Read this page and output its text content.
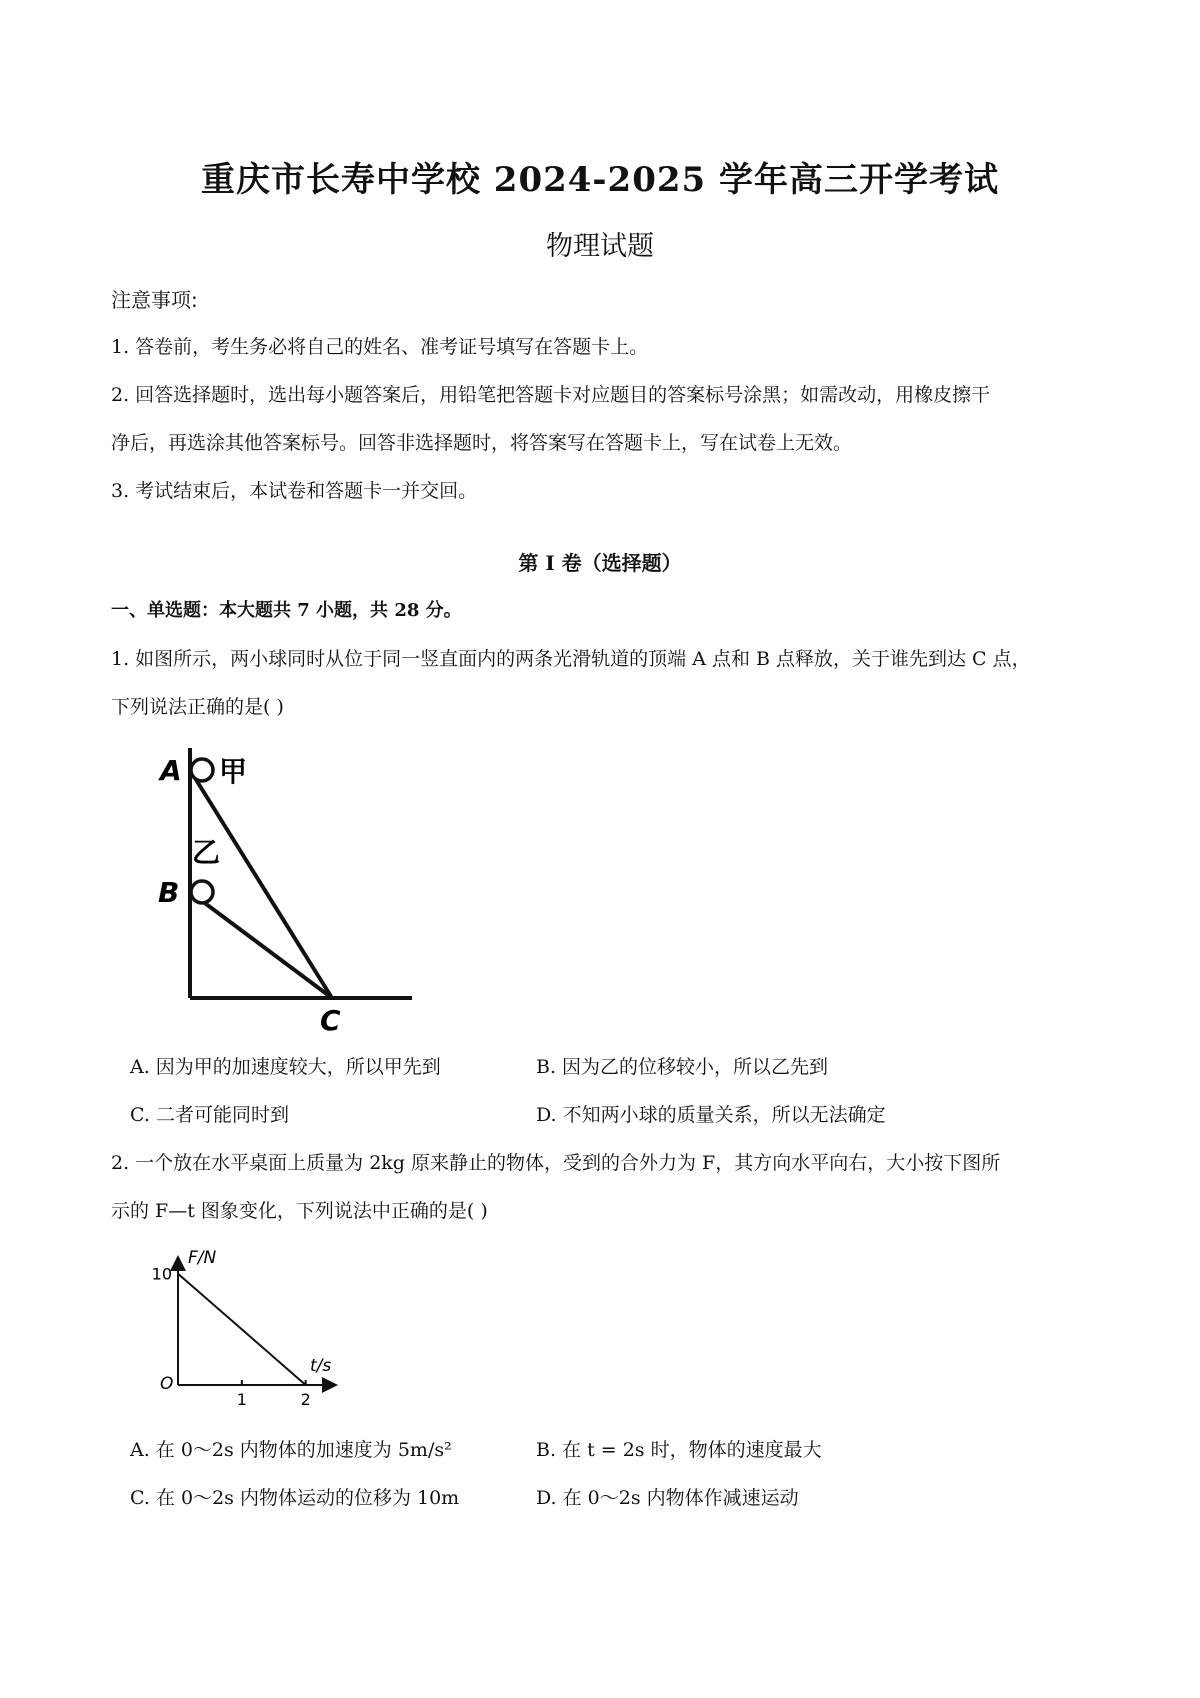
重庆市长寿中学校 2024-2025 学年高三开学考试
物理试题
注意事项:
1. 答卷前，考生务必将自己的姓名、准考证号填写在答题卡上。
2. 回答选择题时，选出每小题答案后，用铅笔把答题卡对应题目的答案标号涂黑；如需改动，用橡皮擦干
净后，再选涂其他答案标号。回答非选择题时，将答案写在答题卡上，写在试卷上无效。
3. 考试结束后，本试卷和答题卡一并交回。
第 I 卷（选择题）
一、单选题：本大题共 7 小题，共 28 分。
1. 如图所示，两小球同时从位于同一竖直面内的两条光滑轨道的顶端 A 点和 B 点释放，关于谁先到达 C 点，
下列说法正确的是( )
A
B
C
甲
乙
A. 因为甲的加速度较大，所以甲先到	B. 因为乙的位移较小，所以乙先到
C. 二者可能同时到	D. 不知两小球的质量关系，所以无法确定
2. 一个放在水平桌面上质量为 2kg 原来静止的物体，受到的合外力为 F，其方向水平向右，大小按下图所
示的 F—t 图象变化，下列说法中正确的是( )
1	2
10
F/N
t/s
O
A. 在 0～2s 内物体的加速度为 5m/s²	B. 在 t = 2s 时，物体的速度最大
C. 在 0～2s 内物体运动的位移为 10m	D. 在 0～2s 内物体作减速运动
